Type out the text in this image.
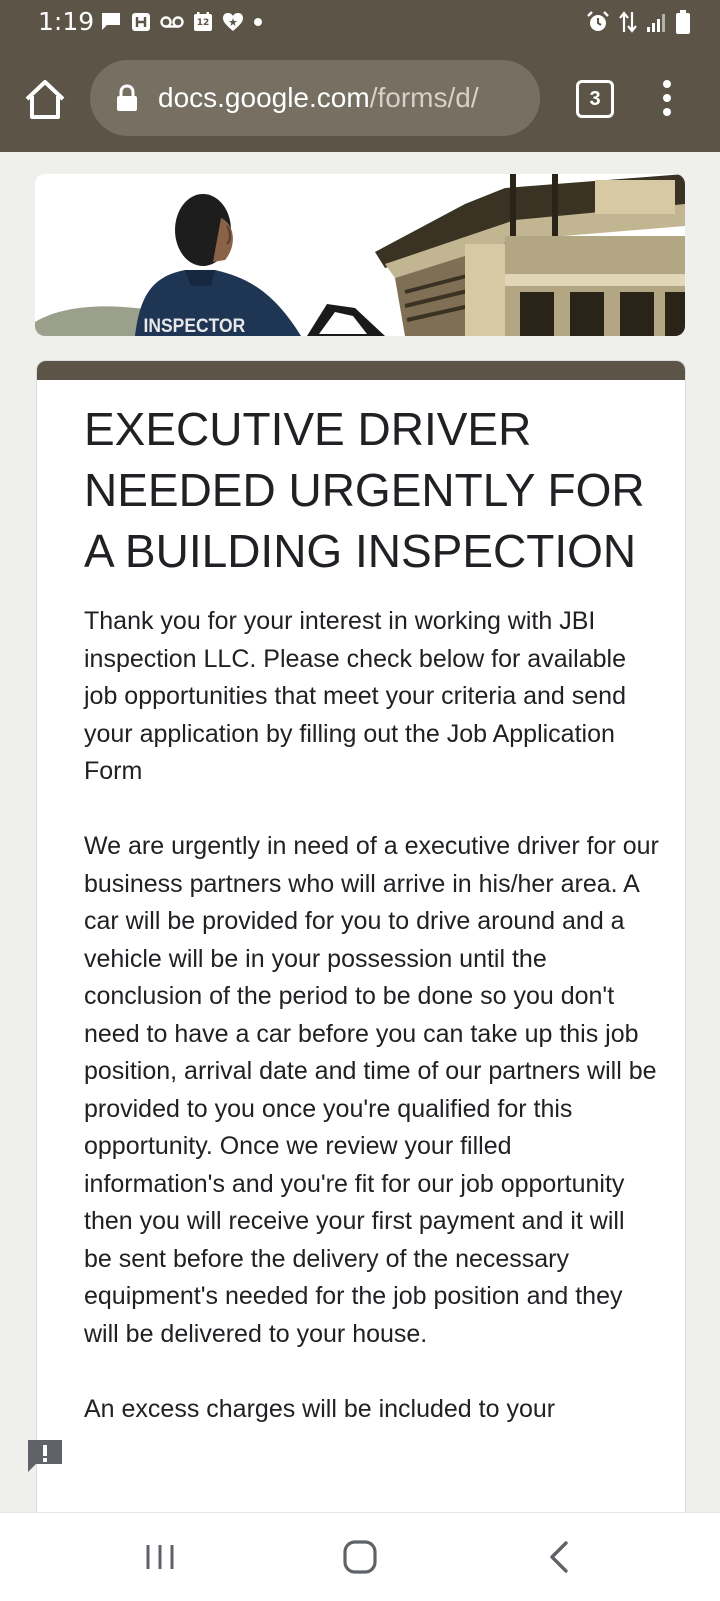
1:19	12
docs.google.com/forms/d/	3
INSPECTOR
EXECUTIVE DRIVER NEEDED URGENTLY FOR A BUILDING INSPECTION

Thank you for your interest in working with JBI inspection LLC. Please check below for available job opportunities that meet your criteria and send your application by filling out the Job Application Form

We are urgently in need of a executive driver for our business partners who will arrive in his/her area. A car will be provided for you to drive around and a vehicle will be in your possession until the conclusion of the period to be done so you don't need to have a car before you can take up this job position, arrival date and time of our partners will be provided to you once you're qualified for this opportunity. Once we review your filled information's and you're fit for our job opportunity then you will receive your first payment and it will be sent before the delivery of the necessary equipment's needed for the job position and they will be delivered to your house.

An excess charges will be included to your
